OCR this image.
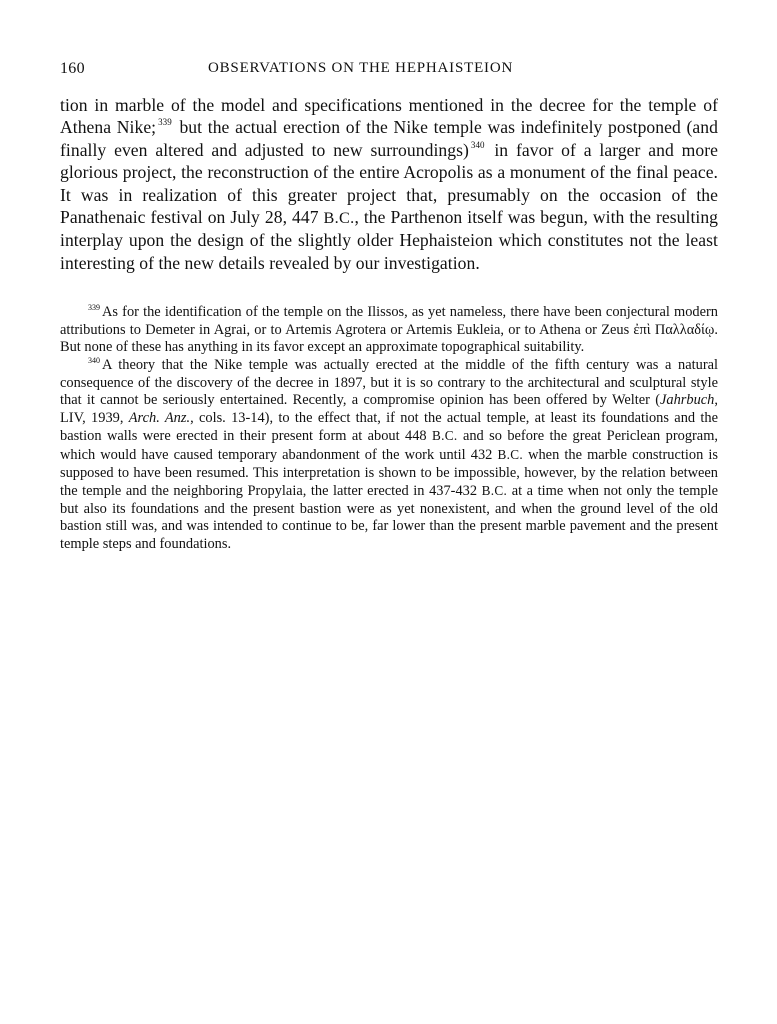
160	OBSERVATIONS ON THE HEPHAISTEION

tion in marble of the model and specifications mentioned in the decree for the temple of Athena Nike; $^{339}$ but the actual erection of the Nike temple was indefinitely postponed (and finally even altered and adjusted to new surroundings) $^{340}$ in favor of a larger and more glorious project, the reconstruction of the entire Acropolis as a monument of the final peace. It was in realization of this greater project that, presumably on the occasion of the Panathenaic festival on July 28, 447 B.C., the Parthenon itself was begun, with the resulting interplay upon the design of the slightly older Hephaisteion which constitutes not the least interesting of the new details revealed by our investigation.

$^{339}$ As for the identification of the temple on the Ilissos, as yet nameless, there have been conjectural modern attributions to Demeter in Agrai, or to Artemis Agrotera or Artemis Eukleia, or to Athena or Zeus ἐπὶ Παλλαδίῳ. But none of these has anything in its favor except an approximate topographical suitability.

$^{340}$ A theory that the Nike temple was actually erected at the middle of the fifth century was a natural consequence of the discovery of the decree in 1897, but it is so contrary to the architectural and sculptural style that it cannot be seriously entertained. Recently, a compromise opinion has been offered by Welter (Jahrbuch, LIV, 1939, Arch. Anz., cols. 13-14), to the effect that, if not the actual temple, at least its foundations and the bastion walls were erected in their present form at about 448 B.C. and so before the great Periclean program, which would have caused temporary abandonment of the work until 432 B.C. when the marble construction is supposed to have been resumed. This interpretation is shown to be impossible, however, by the relation between the temple and the neighboring Propylaia, the latter erected in 437-432 B.C. at a time when not only the temple but also its foundations and the present bastion were as yet nonexistent, and when the ground level of the old bastion still was, and was intended to continue to be, far lower than the present marble pavement and the present temple steps and foundations.
